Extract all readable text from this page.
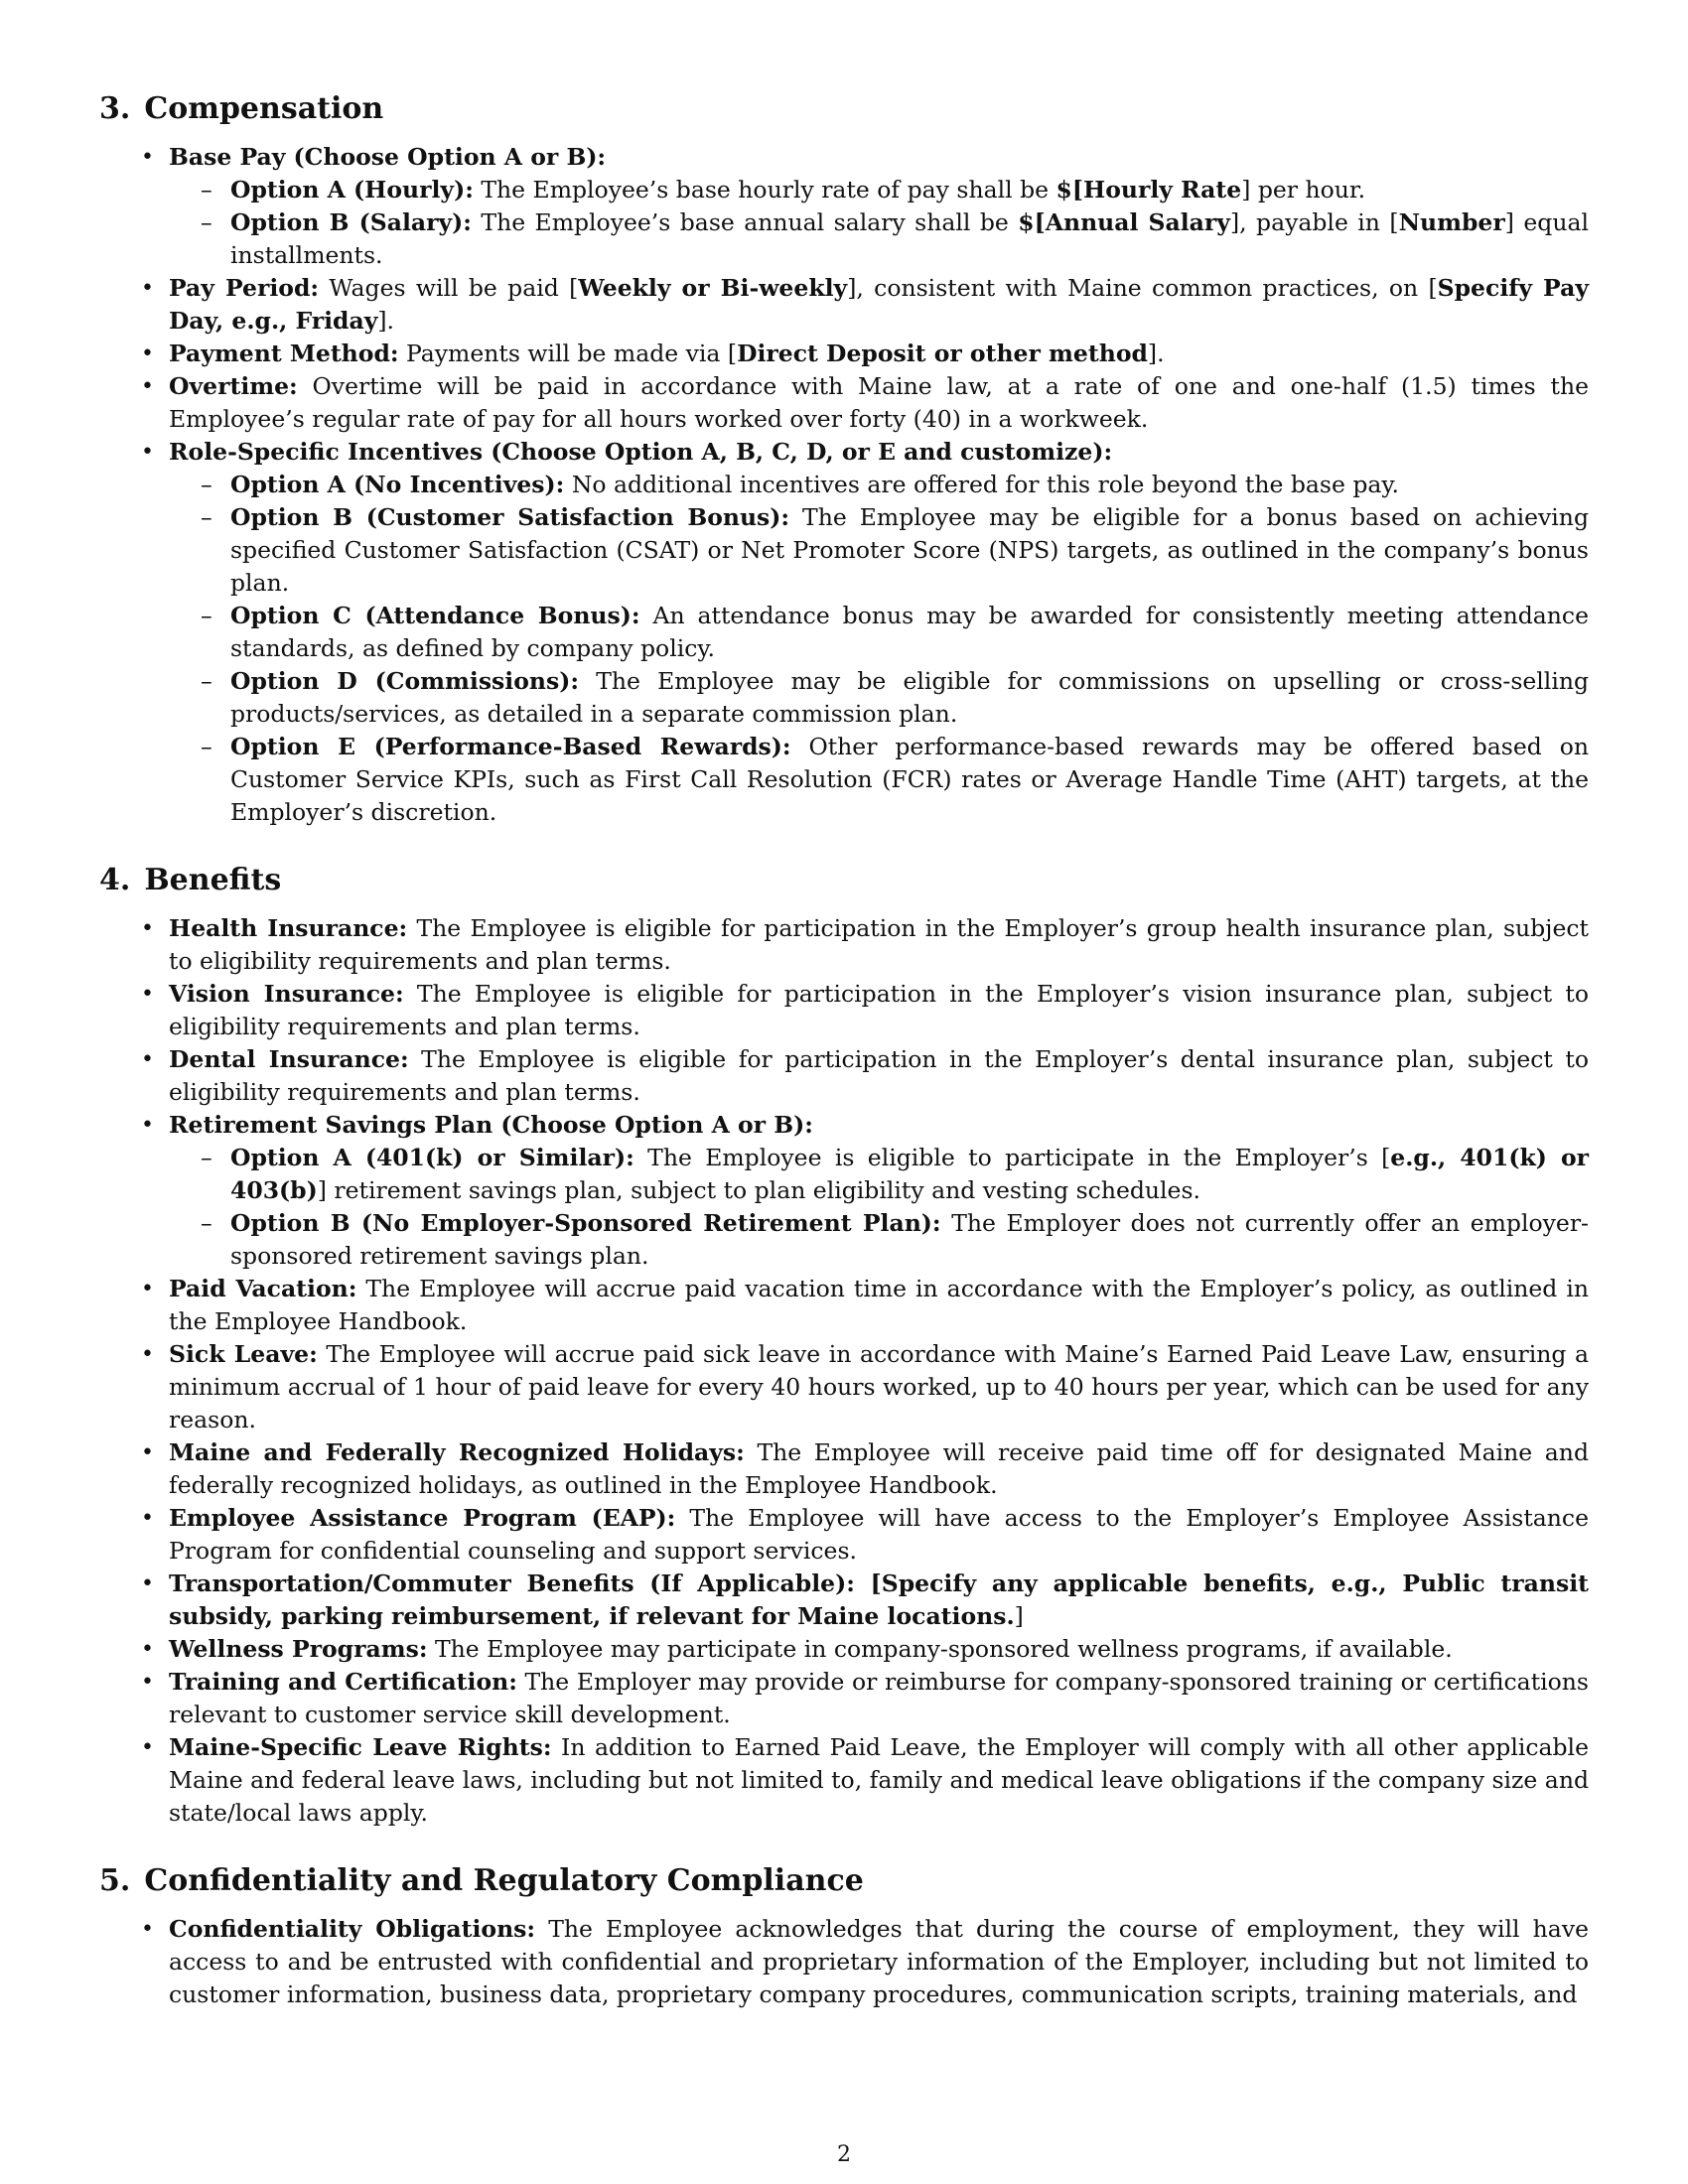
3. Compensation
• Base Pay (Choose Option A or B):
– Option A (Hourly): The Employee’s base hourly rate of pay shall be $[Hourly Rate] per hour.
– Option B (Salary): The Employee’s base annual salary shall be $[Annual Salary], payable in [Number] equal installments.
• Pay Period: Wages will be paid [Weekly or Bi-weekly], consistent with Maine common practices, on [Specify Pay Day, e.g., Friday].
• Payment Method: Payments will be made via [Direct Deposit or other method].
• Overtime: Overtime will be paid in accordance with Maine law, at a rate of one and one-half (1.5) times the Employee’s regular rate of pay for all hours worked over forty (40) in a workweek.
• Role-Specific Incentives (Choose Option A, B, C, D, or E and customize):
– Option A (No Incentives): No additional incentives are offered for this role beyond the base pay.
– Option B (Customer Satisfaction Bonus): The Employee may be eligible for a bonus based on achieving specified Customer Satisfaction (CSAT) or Net Promoter Score (NPS) targets, as outlined in the company’s bonus plan.
– Option C (Attendance Bonus): An attendance bonus may be awarded for consistently meeting attendance standards, as defined by company policy.
– Option D (Commissions): The Employee may be eligible for commissions on upselling or cross-selling products/services, as detailed in a separate commission plan.
– Option E (Performance-Based Rewards): Other performance-based rewards may be offered based on Customer Service KPIs, such as First Call Resolution (FCR) rates or Average Handle Time (AHT) targets, at the Employer’s discretion.
4. Benefits
• Health Insurance: The Employee is eligible for participation in the Employer’s group health insurance plan, subject to eligibility requirements and plan terms.
• Vision Insurance: The Employee is eligible for participation in the Employer’s vision insurance plan, subject to eligibility requirements and plan terms.
• Dental Insurance: The Employee is eligible for participation in the Employer’s dental insurance plan, subject to eligibility requirements and plan terms.
• Retirement Savings Plan (Choose Option A or B):
– Option A (401(k) or Similar): The Employee is eligible to participate in the Employer’s [e.g., 401(k) or 403(b)] retirement savings plan, subject to plan eligibility and vesting schedules.
– Option B (No Employer-Sponsored Retirement Plan): The Employer does not currently offer an employer-sponsored retirement savings plan.
• Paid Vacation: The Employee will accrue paid vacation time in accordance with the Employer’s policy, as outlined in the Employee Handbook.
• Sick Leave: The Employee will accrue paid sick leave in accordance with Maine’s Earned Paid Leave Law, ensuring a minimum accrual of 1 hour of paid leave for every 40 hours worked, up to 40 hours per year, which can be used for any reason.
• Maine and Federally Recognized Holidays: The Employee will receive paid time off for designated Maine and federally recognized holidays, as outlined in the Employee Handbook.
• Employee Assistance Program (EAP): The Employee will have access to the Employer’s Employee Assistance Program for confidential counseling and support services.
• Transportation/Commuter Benefits (If Applicable): [Specify any applicable benefits, e.g., Public transit subsidy, parking reimbursement, if relevant for Maine locations.]
• Wellness Programs: The Employee may participate in company-sponsored wellness programs, if available.
• Training and Certification: The Employer may provide or reimburse for company-sponsored training or certifications relevant to customer service skill development.
• Maine-Specific Leave Rights: In addition to Earned Paid Leave, the Employer will comply with all other applicable Maine and federal leave laws, including but not limited to, family and medical leave obligations if the company size and state/local laws apply.
5. Confidentiality and Regulatory Compliance
• Confidentiality Obligations: The Employee acknowledges that during the course of employment, they will have access to and be entrusted with confidential and proprietary information of the Employer, including but not limited to customer information, business data, proprietary company procedures, communication scripts, training materials, and
2
